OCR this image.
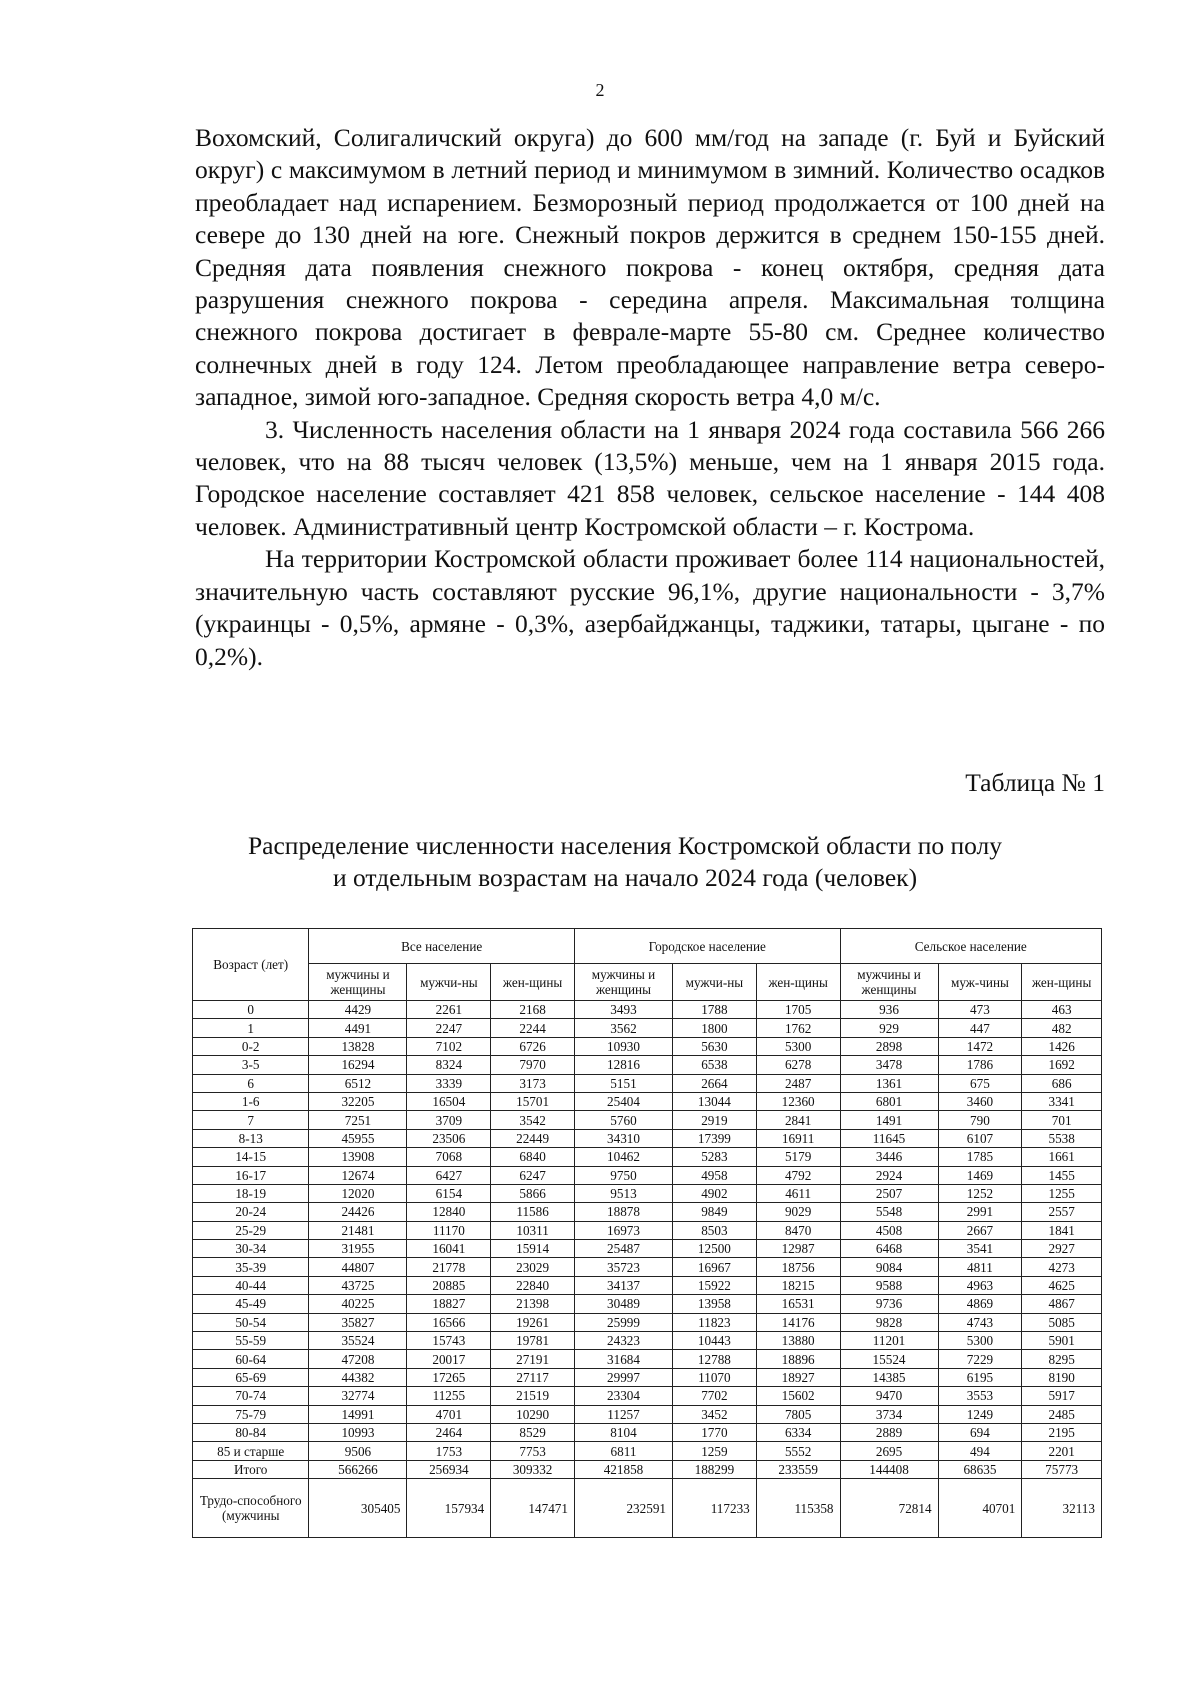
2

Вохомский, Солигаличский округа) до 600 мм/год на западе (г. Буй и Буйский округ) с максимумом в летний период и минимумом в зимний. Количество осадков преобладает над испарением. Безморозный период продолжается от 100 дней на севере до 130 дней на юге. Снежный покров держится в среднем 150-155 дней. Средняя дата появления снежного покрова - конец октября, средняя дата разрушения снежного покрова - середина апреля. Максимальная толщина снежного покрова достигает в феврале-марте 55-80 см. Среднее количество солнечных дней в году 124. Летом преобладающее направление ветра северо-западное, зимой юго-западное. Средняя скорость ветра 4,0 м/с.

3. Численность населения области на 1 января 2024 года составила 566 266 человек, что на 88 тысяч человек (13,5%) меньше, чем на 1 января 2015 года. Городское население составляет 421 858 человек, сельское население - 144 408 человек. Административный центр Костромской области – г. Кострома.

На территории Костромской области проживает более 114 национальностей, значительную часть составляют русские 96,1%, другие национальности - 3,7% (украинцы - 0,5%, армяне - 0,3%, азербайджанцы, таджики, татары, цыгане - по 0,2%).

Таблица № 1
Распределение численности населения Костромской области по полу
и отдельным возрастам на начало 2024 года (человек)
Возраст (лет)	Все население			Городское население			Сельское население		
	мужчины и женщины	мужчи-ны	жен-щины	мужчины и женщины	мужчи-ны	жен-щины	мужчины и женщины	муж-чины	жен-щины
0	4429	2261	2168	3493	1788	1705	936	473	463
1	4491	2247	2244	3562	1800	1762	929	447	482
0-2	13828	7102	6726	10930	5630	5300	2898	1472	1426
3-5	16294	8324	7970	12816	6538	6278	3478	1786	1692
6	6512	3339	3173	5151	2664	2487	1361	675	686
1-6	32205	16504	15701	25404	13044	12360	6801	3460	3341
7	7251	3709	3542	5760	2919	2841	1491	790	701
8-13	45955	23506	22449	34310	17399	16911	11645	6107	5538
14-15	13908	7068	6840	10462	5283	5179	3446	1785	1661
16-17	12674	6427	6247	9750	4958	4792	2924	1469	1455
18-19	12020	6154	5866	9513	4902	4611	2507	1252	1255
20-24	24426	12840	11586	18878	9849	9029	5548	2991	2557
25-29	21481	11170	10311	16973	8503	8470	4508	2667	1841
30-34	31955	16041	15914	25487	12500	12987	6468	3541	2927
35-39	44807	21778	23029	35723	16967	18756	9084	4811	4273
40-44	43725	20885	22840	34137	15922	18215	9588	4963	4625
45-49	40225	18827	21398	30489	13958	16531	9736	4869	4867
50-54	35827	16566	19261	25999	11823	14176	9828	4743	5085
55-59	35524	15743	19781	24323	10443	13880	11201	5300	5901
60-64	47208	20017	27191	31684	12788	18896	15524	7229	8295
65-69	44382	17265	27117	29997	11070	18927	14385	6195	8190
70-74	32774	11255	21519	23304	7702	15602	9470	3553	5917
75-79	14991	4701	10290	11257	3452	7805	3734	1249	2485
80-84	10993	2464	8529	8104	1770	6334	2889	694	2195
85 и старше	9506	1753	7753	6811	1259	5552	2695	494	2201
Итого	566266	256934	309332	421858	188299	233559	144408	68635	75773
Трудо-способного (мужчины	305405	157934	147471	232591	117233	115358	72814	40701	32113
